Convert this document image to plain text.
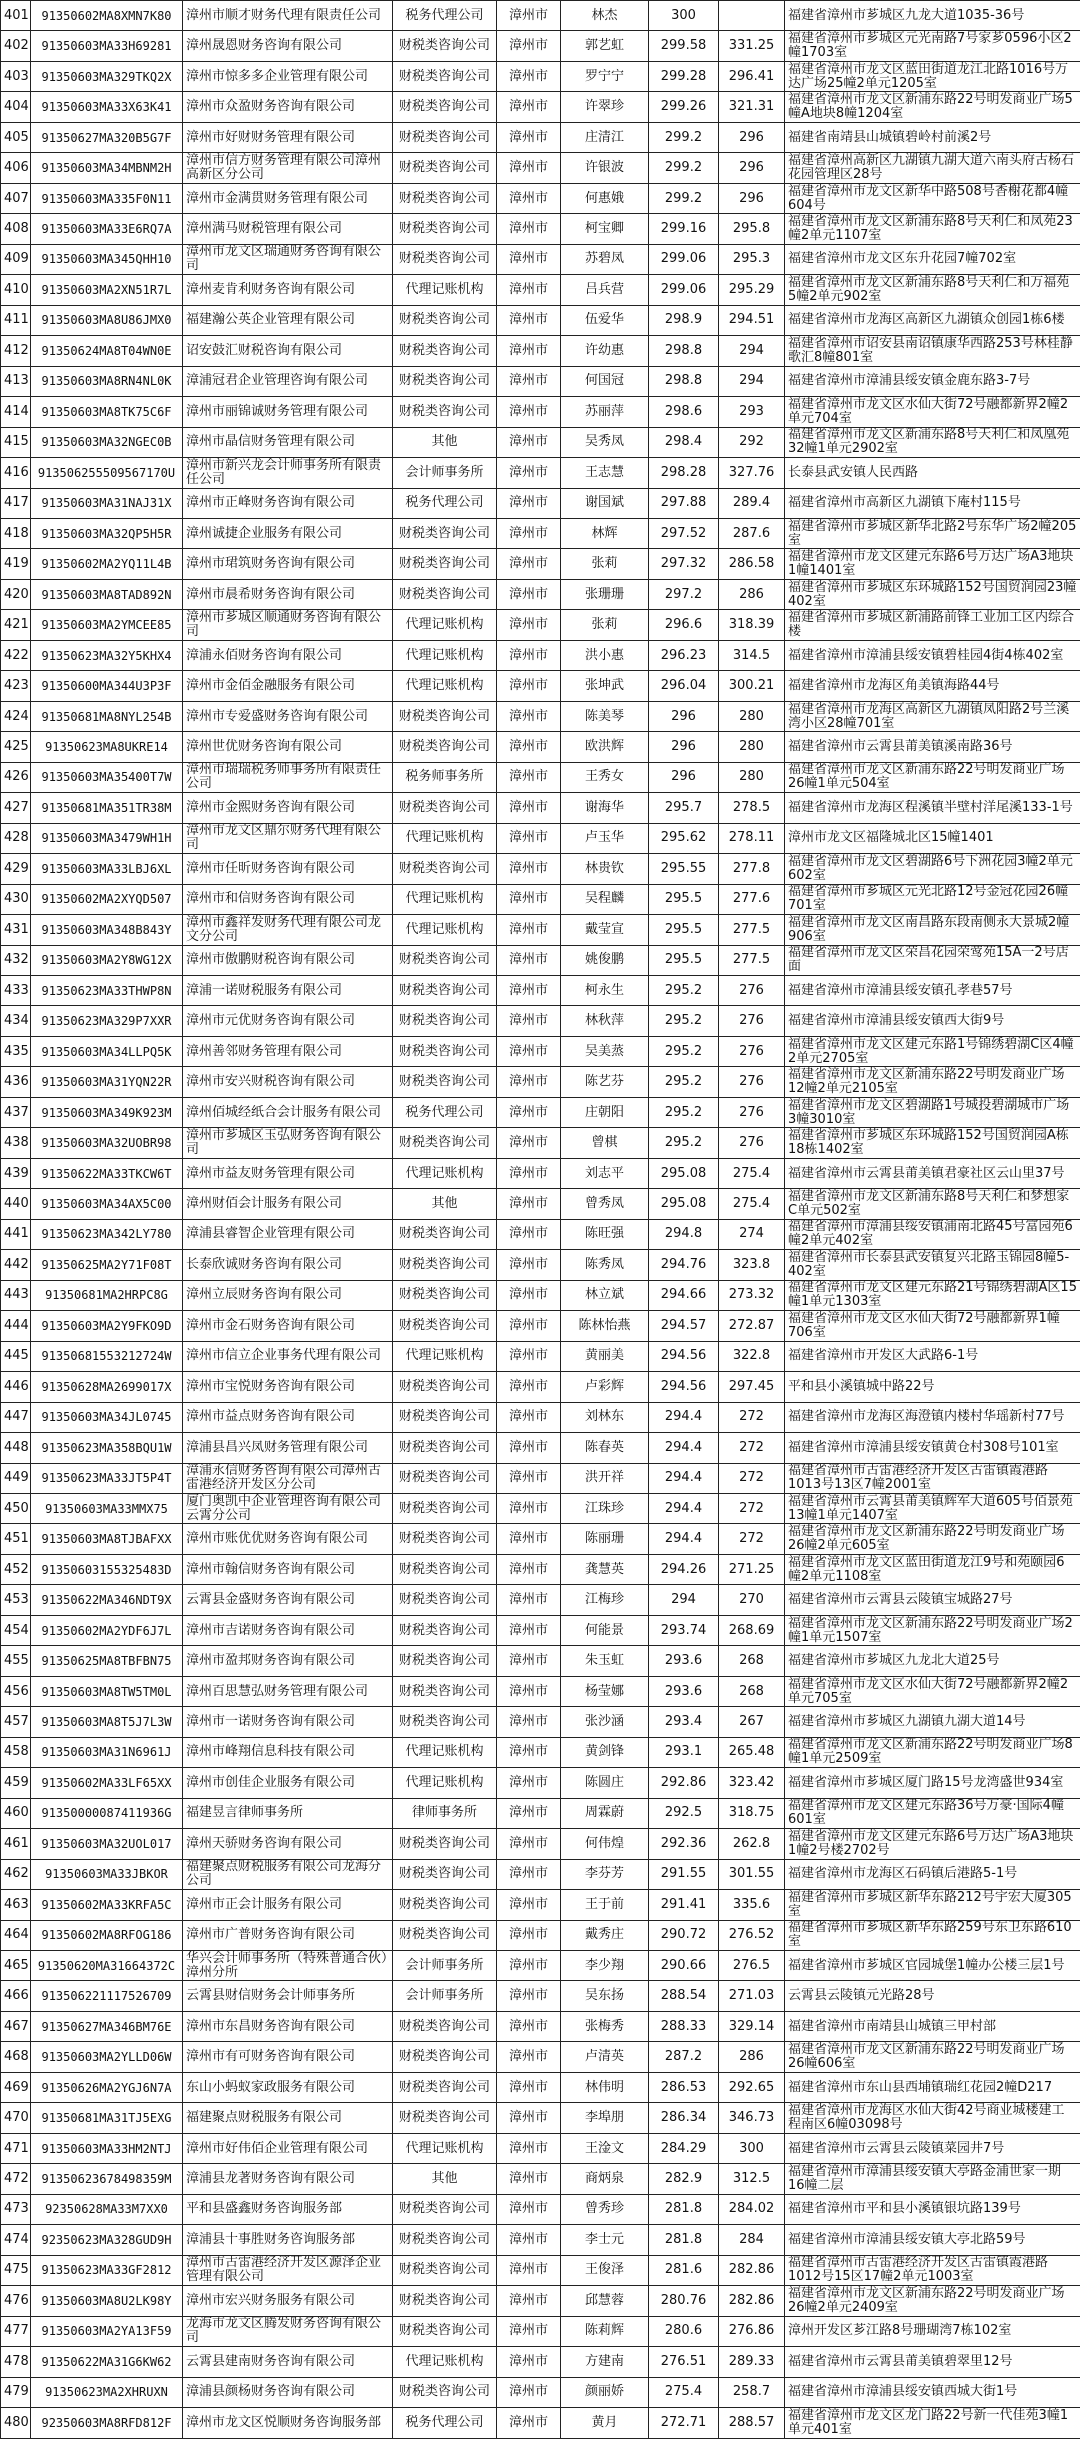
401	91350602MA8XMN7K80	漳州市顺才财务代理有限责任公司	税务代理公司	漳州市	林杰	300		福建省漳州市芗城区九龙大道1035-36号
402	91350603MA33H69281	漳州晟恩财务咨询有限公司	财税类咨询公司	漳州市	郭艺虹	299.58	331.25	福建省漳州市芗城区元光南路7号家芗0596小区2幢1703室
403	91350603MA329TKQ2X	漳州市惊多多企业管理有限公司	财税类咨询公司	漳州市	罗宁宁	299.28	296.41	福建省漳州市龙文区蓝田街道龙江北路1016号万达广场25幢2单元1205室
404	91350603MA33X63K41	漳州市众盈财务咨询有限公司	财税类咨询公司	漳州市	许翠珍	299.26	321.31	福建省漳州市龙文区新浦东路22号明发商业广场5幢A地块8幢1204室
405	91350627MA320B5G7F	漳州市好财财务管理有限公司	财税类咨询公司	漳州市	庄清江	299.2	296	福建省南靖县山城镇碧岭村前溪2号
406	91350603MA34MBNM2H	漳州市信方财务管理有限公司漳州高新区分公司	财税类咨询公司	漳州市	许银波	299.2	296	福建省漳州高新区九湖镇九湖大道六南头府古杨石花园管理区28号
407	91350603MA335F0N11	漳州市金满贯财务管理有限公司	财税类咨询公司	漳州市	何惠娥	299.2	296	福建省漳州市龙文区新华中路508号香榭花都4幢604号
408	91350603MA33E6RQ7A	漳州满马财税管理有限公司	财税类咨询公司	漳州市	柯宝卿	299.16	295.8	福建省漳州市龙文区新浦东路8号天利仁和凤苑23幢2单元1107室
409	91350603MA345QHH10	漳州市龙文区瑞通财务咨询有限公司	财税类咨询公司	漳州市	苏碧凤	299.06	295.3	福建省漳州市龙文区东升花园7幢702室
410	91350603MA2XN51R7L	漳州麦肯利财务咨询有限公司	代理记账机构	漳州市	吕兵营	299.06	295.29	福建省漳州市龙文区新浦东路8号天利仁和万福苑5幢2单元902室
411	91350603MA8U86JMX0	福建瀚公英企业管理有限公司	财税类咨询公司	漳州市	伍爱华	298.9	294.51	福建省漳州市龙海区高新区九湖镇众创园1栋6楼
412	91350624MA8T04WN0E	诏安鼓汇财税咨询有限公司	财税类咨询公司	漳州市	许幼惠	298.8	294	福建省漳州市诏安县南诏镇康华西路253号林桂静歌汇8幢801室
413	91350603MA8RN4NL0K	漳浦冠君企业管理咨询有限公司	财税类咨询公司	漳州市	何国冠	298.8	294	福建省漳州市漳浦县绥安镇金鹿东路3-7号
414	91350603MA8TK75C6F	漳州市丽锦诚财务管理有限公司	财税类咨询公司	漳州市	苏丽萍	298.6	293	福建省漳州市龙文区水仙大街72号融都新界2幢2单元704室
415	91350603MA32NGEC0B	漳州市晶信财务管理有限公司	其他	漳州市	吴秀凤	298.4	292	福建省漳州市龙文区新浦东路8号天利仁和凤凰苑32幢1单元2902室
416	913506255509567170U	漳州市新兴龙会计师事务所有限责任公司	会计师事务所	漳州市	王志慧	298.28	327.76	长泰县武安镇人民西路
417	91350603MA31NAJ31X	漳州市正峰财务咨询有限公司	税务代理公司	漳州市	谢国斌	297.88	289.4	福建省漳州市高新区九湖镇下庵村115号
418	91350603MA32QP5H5R	漳州诚捷企业服务有限公司	财税类咨询公司	漳州市	林辉	297.52	287.6	福建省漳州市芗城区新华北路2号东华广场2幢205室
419	91350602MA2YQ11L4B	漳州市珺筑财务咨询有限公司	财税类咨询公司	漳州市	张莉	297.32	286.58	福建省漳州市龙文区建元东路6号万达广场A3地块1幢1401室
420	91350603MA8TAD892N	漳州市晨希财务咨询有限公司	财税类咨询公司	漳州市	张珊珊	297.2	286	福建省漳州市芗城区东环城路152号国贸润园23幢402室
421	91350603MA2YMCEE85	漳州市芗城区顺通财务咨询有限公司	代理记账机构	漳州市	张莉	296.6	318.39	福建省漳州市芗城区新浦路前锋工业加工区内综合楼
422	91350623MA32Y5KHX4	漳浦永佰财务咨询有限公司	代理记账机构	漳州市	洪小惠	296.23	314.5	福建省漳州市漳浦县绥安镇碧桂园4街4栋402室
423	91350600MA344U3P3F	漳州市金佰金融服务有限公司	代理记账机构	漳州市	张坤武	296.04	300.21	福建省漳州市龙海区角美镇海路44号
424	91350681MA8NYL254B	漳州市专爱盛财务咨询有限公司	财税类咨询公司	漳州市	陈美琴	296	280	福建省漳州市龙海区高新区九湖镇凤阳路2号兰溪湾小区28幢701室
425	91350623MA8UKRE14	漳州世优财务咨询有限公司	财税类咨询公司	漳州市	欧洪辉	296	280	福建省漳州市云霄县莆美镇溪南路36号
426	91350603MA35400T7W	漳州市瑞瑞税务师事务所有限责任公司	税务师事务所	漳州市	王秀女	296	280	福建省漳州市龙文区新浦东路22号明发商业广场26幢1单元504室
427	91350681MA351TR38M	漳州市金熙财务咨询有限公司	财税类咨询公司	漳州市	谢海华	295.7	278.5	福建省漳州市龙海区程溪镇半壁村洋尾溪133-1号
428	91350603MA3479WH1H	漳州市龙文区鼎尔财务代理有限公司	代理记账机构	漳州市	卢玉华	295.62	278.11	漳州市龙文区福隆城北区15幢1401
429	91350603MA33LBJ6XL	漳州市任昕财务咨询有限公司	财税类咨询公司	漳州市	林贵钦	295.55	277.8	福建省漳州市龙文区碧湖路6号下洲花园3幢2单元602室
430	91350602MA2XYQD507	漳州市和信财务咨询有限公司	代理记账机构	漳州市	吴程麟	295.5	277.6	福建省漳州市芗城区元光北路12号金冠花园26幢701室
431	91350603MA348B843Y	漳州市鑫祥发财务代理有限公司龙文分公司	代理记账机构	漳州市	戴莹宣	295.5	277.5	福建省漳州市龙文区南昌路东段南侧永大景城2幢906室
432	91350603MA2Y8WG12X	漳州市傲鹏财税咨询有限公司	财税类咨询公司	漳州市	姚俊鹏	295.5	277.5	福建省漳州市龙文区荣昌花园荣莺苑15A一2号店面
433	91350623MA33THWP8N	漳浦一诺财税服务有限公司	财税类咨询公司	漳州市	柯永生	295.2	276	福建省漳州市漳浦县绥安镇孔孝巷57号
434	91350623MA329P7XXR	漳州市元优财务咨询有限公司	财税类咨询公司	漳州市	林秋萍	295.2	276	福建省漳州市漳浦县绥安镇西大街9号
435	91350603MA34LLPQ5K	漳州善邻财务管理有限公司	财税类咨询公司	漳州市	吴美蒸	295.2	276	福建省漳州市龙文区建元东路1号锦绣碧湖C区4幢2单元2705室
436	91350603MA31YQN22R	漳州市安兴财税咨询有限公司	财税类咨询公司	漳州市	陈艺芬	295.2	276	福建省漳州市龙文区新浦东路22号明发商业广场12幢2单元2105室
437	91350603MA349K923M	漳州佰城经纸合会计服务有限公司	税务代理公司	漳州市	庄朝阳	295.2	276	福建省漳州市龙文区碧湖路1号城投碧湖城市广场3幢3010室
438	91350603MA32UOBR98	漳州市芗城区玉弘财务咨询有限公司	财税类咨询公司	漳州市	曾棋	295.2	276	福建省漳州市芗城区东环城路152号国贸润园A栋18栋1402室
439	91350622MA33TKCW6T	漳州市益友财务管理有限公司	代理记账机构	漳州市	刘志平	295.08	275.4	福建省漳州市云霄县莆美镇君豪社区云山里37号
440	91350603MA34AX5C00	漳州财佰会计服务有限公司	其他	漳州市	曾秀凤	295.08	275.4	福建省漳州市龙文区新浦东路8号天利仁和梦想家C单元502室
441	91350623MA342LY780	漳浦县睿智企业管理有限公司	财税类咨询公司	漳州市	陈旺强	294.8	274	福建省漳州市漳浦县绥安镇浦南北路45号富园苑6幢2单元402室
442	91350625MA2Y71F08T	长泰欣诚财务咨询有限公司	财税类咨询公司	漳州市	陈秀凤	294.76	323.8	福建省漳州市长泰县武安镇复兴北路玉锦园8幢5-402室
443	91350681MA2HRPC8G	漳州立辰财务咨询有限公司	财税类咨询公司	漳州市	林立斌	294.66	273.32	福建省漳州市龙文区建元东路21号锦绣碧湖A区15幢1单元1303室
444	91350603MA2Y9FKO9D	漳州市金石财务咨询有限公司	财税类咨询公司	漳州市	陈林怡燕	294.57	272.87	福建省漳州市龙文区水仙大街72号融都新界1幢706室
445	91350681553212724W	漳州市信立企业事务代理有限公司	代理记账机构	漳州市	黄丽美	294.56	322.8	福建省漳州市开发区大武路6-1号
446	91350628MA2699017X	漳州市宝悦财务咨询有限公司	财税类咨询公司	漳州市	卢彩辉	294.56	297.45	平和县小溪镇城中路22号
447	91350603MA34JL0745	漳州市益点财务咨询有限公司	财税类咨询公司	漳州市	刘林东	294.4	272	福建省漳州市龙海区海澄镇内楼村华瑶新村77号
448	91350623MA358BQU1W	漳浦县昌兴凤财务管理有限公司	财税类咨询公司	漳州市	陈春英	294.4	272	福建省漳州市漳浦县绥安镇黄仓村308号101室
449	91350623MA33JT5P4T	漳浦永信财务咨询有限公司漳州古雷港经济开发区分公司	财税类咨询公司	漳州市	洪开祥	294.4	272	福建省漳州市古雷港经济开发区古雷镇霞港路1013号13区7幢2001室
450	91350603MA33MMX75	厦门奥凯中企业管理咨询有限公司云霄分公司	财税类咨询公司	漳州市	江珠珍	294.4	272	福建省漳州市云霄县莆美镇辉军大道605号佰景苑13幢1单元1407室
451	91350603MA8TJBAFXX	漳州市账优优财务咨询有限公司	财税类咨询公司	漳州市	陈丽珊	294.4	272	福建省漳州市龙文区新浦东路22号明发商业广场26幢2单元605室
452	91350603155325483D	漳州市翰信财务咨询有限公司	财税类咨询公司	漳州市	龚慧英	294.26	271.25	福建省漳州市龙文区蓝田街道龙江9号和苑颐园6幢2单元1108室
453	91350622MA346NDT9X	云霄县金盛财务咨询有限公司	财税类咨询公司	漳州市	江梅珍	294	270	福建省漳州市云霄县云陵镇宝城路27号
454	91350602MA2YDF6J7L	漳州市吉诺财务咨询有限公司	财税类咨询公司	漳州市	何能景	293.74	268.69	福建省漳州市龙文区新浦东路22号明发商业广场2幢1单元1507室
455	91350625MA8TBFBN75	漳州市盈邦财务咨询有限公司	财税类咨询公司	漳州市	朱玉虹	293.6	268	福建省漳州市芗城区九龙北大道25号
456	91350603MA8TW5TM0L	漳州百思慧弘财务管理有限公司	财税类咨询公司	漳州市	杨莹娜	293.6	268	福建省漳州市龙文区水仙大街72号融都新界2幢2单元705室
457	91350603MA8T5J7L3W	漳州市一诺财务咨询有限公司	财税类咨询公司	漳州市	张沙涵	293.4	267	福建省漳州市芗城区九湖镇九湖大道14号
458	91350603MA31N6961J	漳州市峰翔信息科技有限公司	代理记账机构	漳州市	黄剑锋	293.1	265.48	福建省漳州市龙文区新浦东路22号明发商业广场8幢1单元2509室
459	91350602MA33LF65XX	漳州市创佳企业服务有限公司	代理记账机构	漳州市	陈圆庄	292.86	323.42	福建省漳州市芗城区厦门路15号龙湾盛世934室
460	91350000087411936G	福建昱言律师事务所	律师事务所	漳州市	周霖蔚	292.5	318.75	福建省漳州市龙文区建元东路36号万豪·国际4幢601室
461	91350603MA32UOL017	漳州天骄财务咨询有限公司	财税类咨询公司	漳州市	何伟煌	292.36	262.8	福建省漳州市龙文区建元东路6号万达广场A3地块1幢2号楼2702号
462	91350603MA33JBKOR	福建聚点财税服务有限公司龙海分公司	财税类咨询公司	漳州市	李芬芳	291.55	301.55	福建省漳州市龙海区石码镇后港路5-1号
463	91350602MA33KRFA5C	漳州市正会计服务有限公司	财税类咨询公司	漳州市	王于前	291.41	335.6	福建省漳州市芗城区新华东路212号宇宏大厦305室
464	91350602MA8RFOG186	漳州市广普财务咨询有限公司	财税类咨询公司	漳州市	戴秀庄	290.72	276.52	福建省漳州市芗城区新华东路259号东卫东路610室
465	91350620MA31664372C	华兴会计师事务所（特殊普通合伙）漳州分所	会计师事务所	漳州市	李少翔	290.66	276.5	福建省漳州市芗城区官园城堡1幢办公楼三层1号
466	913506221117526709	云霄县财信财务会计师事务所	会计师事务所	漳州市	吴东扬	288.54	271.03	云霄县云陵镇元光路28号
467	91350627MA346BM76E	漳州市东昌财务咨询有限公司	财税类咨询公司	漳州市	张梅秀	288.33	329.14	福建省漳州市南靖县山城镇三甲村部
468	91350603MA2YLLD06W	漳州市有可财务咨询有限公司	财税类咨询公司	漳州市	卢清英	287.2	286	福建省漳州市龙文区新浦东路22号明发商业广场26幢606室
469	91350626MA2YGJ6N7A	东山小蚂蚁家政服务有限公司	财税类咨询公司	漳州市	林伟明	286.53	292.65	福建省漳州市东山县西埔镇瑞红花园2幢D217
470	91350681MA31TJ5EXG	福建聚点财税服务有限公司	财税类咨询公司	漳州市	李埠朋	286.34	346.73	福建省漳州市龙海区水仙大街42号商业城楼建工程南区6幢03098号
471	91350603MA33HM2NTJ	漳州市好伟佰企业管理有限公司	代理记账机构	漳州市	王淦文	284.29	300	福建省漳州市云霄县云陵镇菜园井7号
472	91350623678498359M	漳浦县龙著财务咨询有限公司	其他	漳州市	商炳泉	282.9	312.5	福建省漳州市漳浦县绥安镇大亭路金浦世家一期16幢二层
473	92350628MA33M7XX0	平和县盛鑫财务咨询服务部	财税类咨询公司	漳州市	曾秀珍	281.8	284.02	福建省漳州市平和县小溪镇银坑路139号
474	92350623MA328GUD9H	漳浦县十事胜财务咨询服务部	财税类咨询公司	漳州市	李士元	281.8	284	福建省漳州市漳浦县绥安镇大亭北路59号
475	91350623MA33GF2812	漳州市古雷港经济开发区源泽企业管理有限公司	财税类咨询公司	漳州市	王俊泽	281.6	282.86	福建省漳州市古雷港经济开发区古雷镇霞港路1012号15区17幢2单元1003室
476	91350603MA8U2LK98Y	漳州市宏兴财务服务有限公司	财税类咨询公司	漳州市	邱慧蓉	280.76	282.86	福建省漳州市龙文区新浦东路22号明发商业广场26幢2单元2409室
477	91350603MA2YA13F59	龙海市龙文区腾发财务咨询有限公司	财税类咨询公司	漳州市	陈莉辉	280.6	276.86	漳州开发区芗江路8号珊瑚湾7栋102室
478	91350622MA31G6KW62	云霄县建南财务咨询有限公司	代理记账机构	漳州市	方建南	276.51	289.33	福建省漳州市云霄县莆美镇碧翠里12号
479	91350623MA2XHRUXN	漳浦县颜杨财务咨询有限公司	财税类咨询公司	漳州市	颜丽娇	275.4	258.7	福建省漳州市漳浦县绥安镇西城大街1号
480	92350603MA8RFD812F	漳州市龙文区悦顺财务咨询服务部	税务代理公司	漳州市	黄月	272.71	288.57	福建省漳州市龙文区龙门路22号新一代佳苑3幢1单元401室
